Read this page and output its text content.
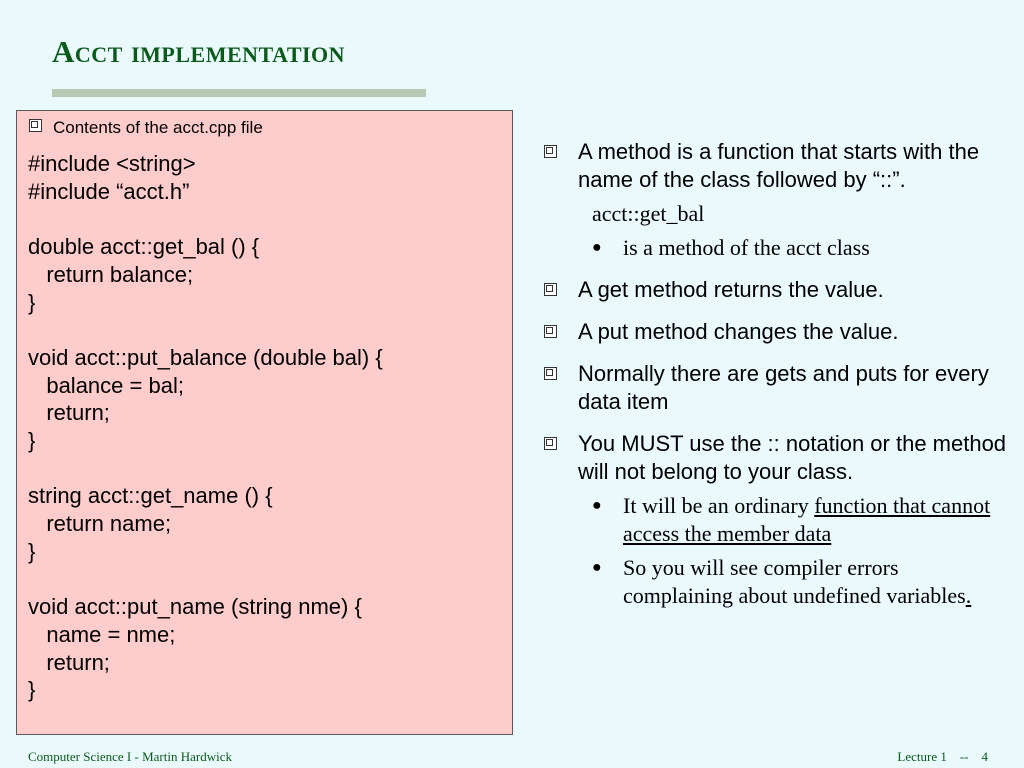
Acct implementation
Contents of the acct.cpp file
#include <string>
#include “acct.h”

double acct::get_bal () {
return balance;
}

void acct::put_balance (double bal) {
balance = bal;
return;
}

string acct::get_name () {
return name;
}

void acct::put_name (string nme) {
name = nme;
return;
}
A method is a function that starts with the name of the class followed by “::”.
acct::get_bal
● is a method of the acct class
A get method returns the value.
A put method changes the value.
Normally there are gets and puts for every data item
You MUST use the :: notation or the method will not belong to your class.
● It will be an ordinary function that cannot access the member data
● So you will see compiler errors complaining about undefined variables.
Computer Science I - Martin Hardwick	Lecture 1    --    4
